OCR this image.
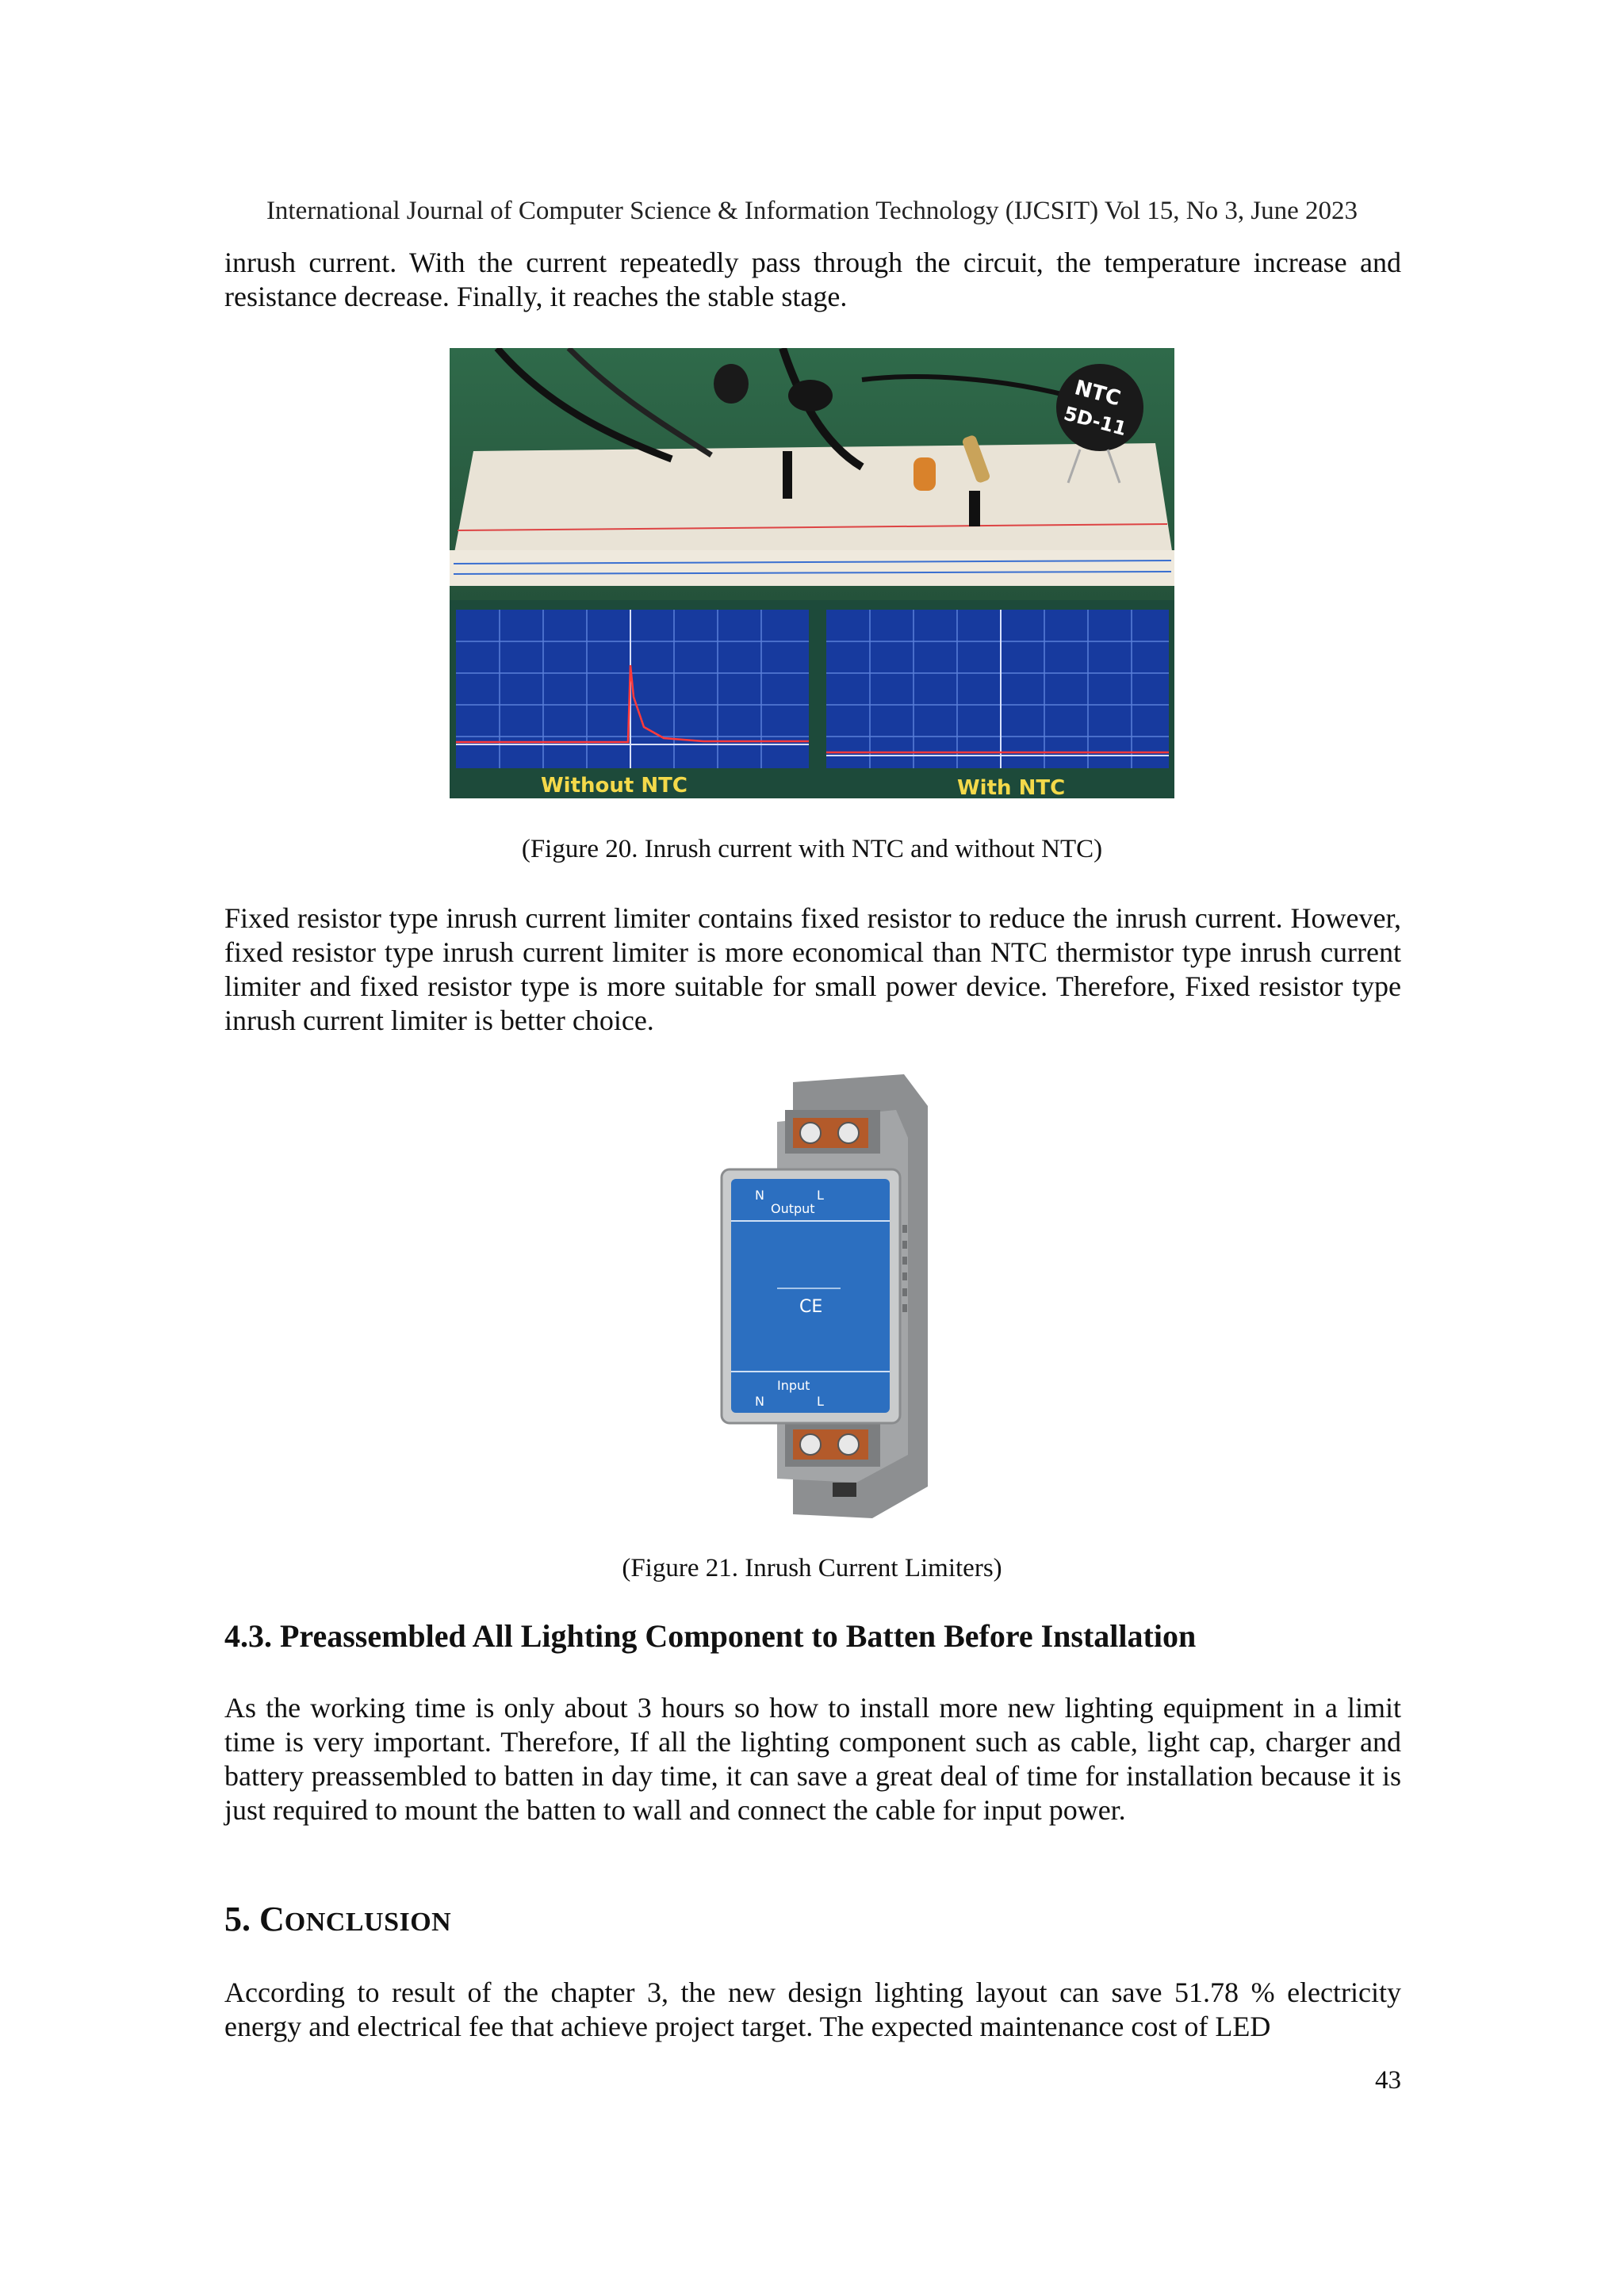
International Journal of Computer Science & Information Technology (IJCSIT) Vol 15, No 3, June 2023
inrush current. With the current repeatedly pass through the circuit, the temperature increase and resistance decrease. Finally, it reaches the stable stage.
NTC
5D-11
Without NTC	With NTC
(Figure 20. Inrush current with NTC and without NTC)
Fixed resistor type inrush current limiter contains fixed resistor to reduce the inrush current. However, fixed resistor type inrush current limiter is more economical than NTC thermistor type inrush current limiter and fixed resistor type is more suitable for small power device. Therefore, Fixed resistor type inrush current limiter is better choice.
N	L
Output
CE
Input
N	L
(Figure 21. Inrush Current Limiters)
4.3. Preassembled All Lighting Component to Batten Before Installation
As the working time is only about 3 hours so how to install more new lighting equipment in a limit time is very important. Therefore, If all the lighting component such as cable, light cap, charger and battery preassembled to batten in day time, it can save a great deal of time for installation because it is just required to mount the batten to wall and connect the cable for input power.
5. CONCLUSION
According to result of the chapter 3, the new design lighting layout can save 51.78 % electricity energy and electrical fee that achieve project target. The expected maintenance cost of LED
43
